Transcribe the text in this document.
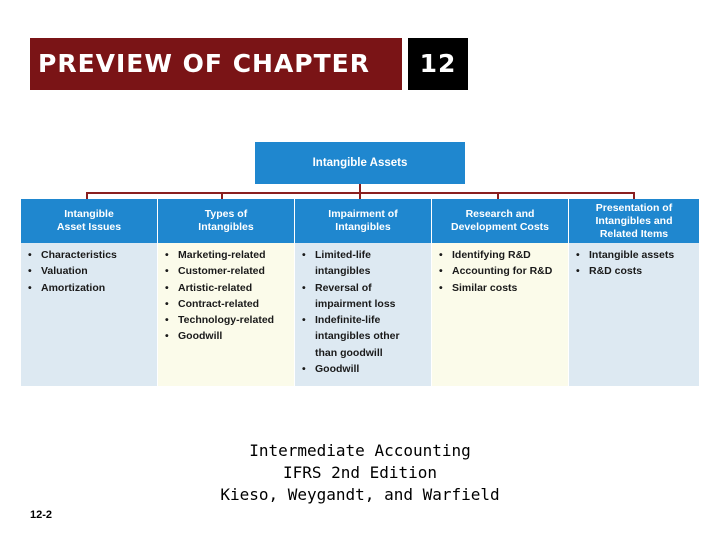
PREVIEW OF CHAPTER	12
Intangible Assets
Intangible
Asset Issues
• Characteristics
• Valuation
• Amortization
Types of
Intangibles
• Marketing-related
• Customer-related
• Artistic-related
• Contract-related
• Technology-related
• Goodwill
Impairment of
Intangibles
• Limited-life
intangibles
• Reversal of
impairment loss
• Indefinite-life
intangibles other
than goodwill
• Goodwill
Research and
Development Costs
• Identifying R&D
• Accounting for R&D
• Similar costs
Presentation of
Intangibles and
Related Items
• Intangible assets
• R&D costs
Intermediate Accounting
IFRS 2nd Edition
Kieso, Weygandt, and Warfield
12-2
